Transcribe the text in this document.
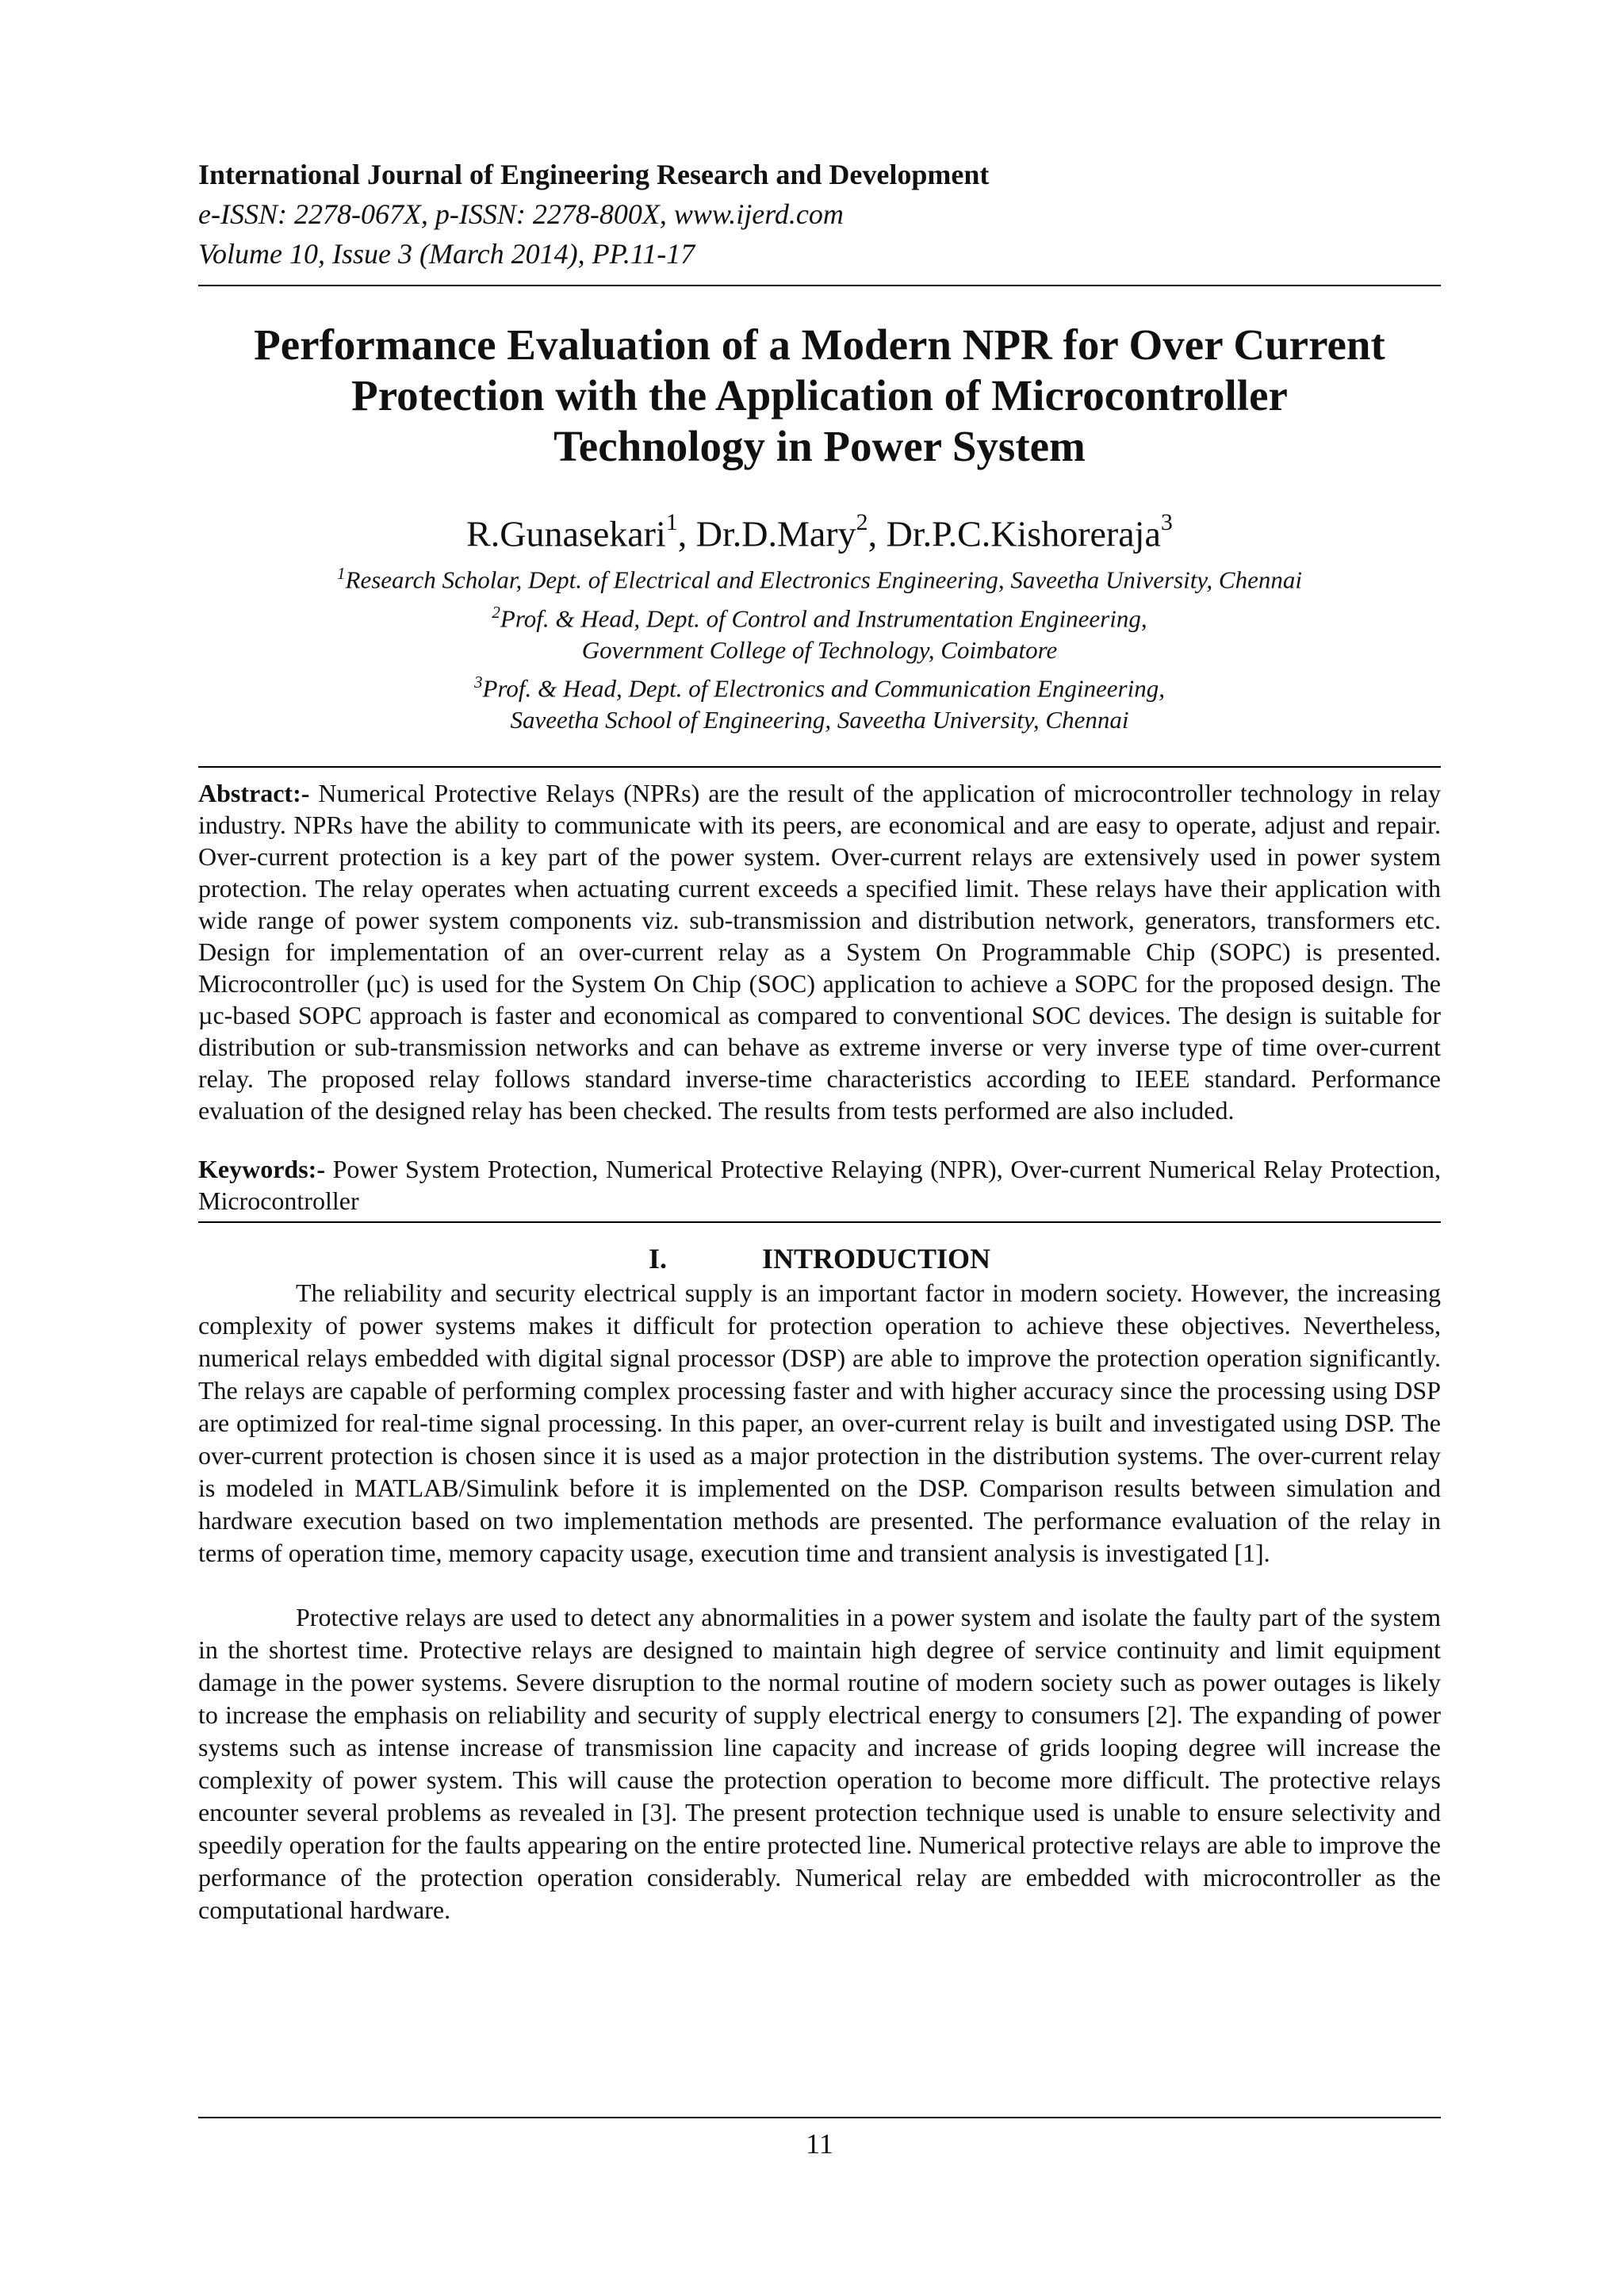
International Journal of Engineering Research and Development
e-ISSN: 2278-067X, p-ISSN: 2278-800X, www.ijerd.com
Volume 10, Issue 3 (March 2014), PP.11-17
Performance Evaluation of a Modern NPR for Over Current
Protection with the Application of Microcontroller
Technology in Power System
R.Gunasekari$^1$, Dr.D.Mary$^2$, Dr.P.C.Kishoreraja$^3$
$^1$Research Scholar, Dept. of Electrical and Electronics Engineering, Saveetha University, Chennai
$^2$Prof. & Head, Dept. of Control and Instrumentation Engineering,
Government College of Technology, Coimbatore
$^3$Prof. & Head, Dept. of Electronics and Communication Engineering,
Saveetha School of Engineering, Saveetha University, Chennai

Abstract:- Numerical Protective Relays (NPRs) are the result of the application of microcontroller technology in relay industry. NPRs have the ability to communicate with its peers, are economical and are easy to operate, adjust and repair. Over-current protection is a key part of the power system. Over-current relays are extensively used in power system protection. The relay operates when actuating current exceeds a specified limit. These relays have their application with wide range of power system components viz. sub-transmission and distribution network, generators, transformers etc. Design for implementation of an over-current relay as a System On Programmable Chip (SOPC) is presented. Microcontroller (µc) is used for the System On Chip (SOC) application to achieve a SOPC for the proposed design. The µc-based SOPC approach is faster and economical as compared to conventional SOC devices. The design is suitable for distribution or sub-transmission networks and can behave as extreme inverse or very inverse type of time over-current relay. The proposed relay follows standard inverse-time characteristics according to IEEE standard. Performance evaluation of the designed relay has been checked. The results from tests performed are also included.

Keywords:- Power System Protection, Numerical Protective Relaying (NPR), Over-current Numerical Relay Protection, Microcontroller

I.	INTRODUCTION

The reliability and security electrical supply is an important factor in modern society. However, the increasing complexity of power systems makes it difficult for protection operation to achieve these objectives. Nevertheless, numerical relays embedded with digital signal processor (DSP) are able to improve the protection operation significantly. The relays are capable of performing complex processing faster and with higher accuracy since the processing using DSP are optimized for real-time signal processing. In this paper, an over-current relay is built and investigated using DSP. The over-current protection is chosen since it is used as a major protection in the distribution systems. The over-current relay is modeled in MATLAB/Simulink before it is implemented on the DSP. Comparison results between simulation and hardware execution based on two implementation methods are presented. The performance evaluation of the relay in terms of operation time, memory capacity usage, execution time and transient analysis is investigated [1].

Protective relays are used to detect any abnormalities in a power system and isolate the faulty part of the system in the shortest time. Protective relays are designed to maintain high degree of service continuity and limit equipment damage in the power systems. Severe disruption to the normal routine of modern society such as power outages is likely to increase the emphasis on reliability and security of supply electrical energy to consumers [2]. The expanding of power systems such as intense increase of transmission line capacity and increase of grids looping degree will increase the complexity of power system. This will cause the protection operation to become more difficult. The protective relays encounter several problems as revealed in [3]. The present protection technique used is unable to ensure selectivity and speedily operation for the faults appearing on the entire protected line. Numerical protective relays are able to improve the performance of the protection operation considerably. Numerical relay are embedded with microcontroller as the computational hardware.

11
